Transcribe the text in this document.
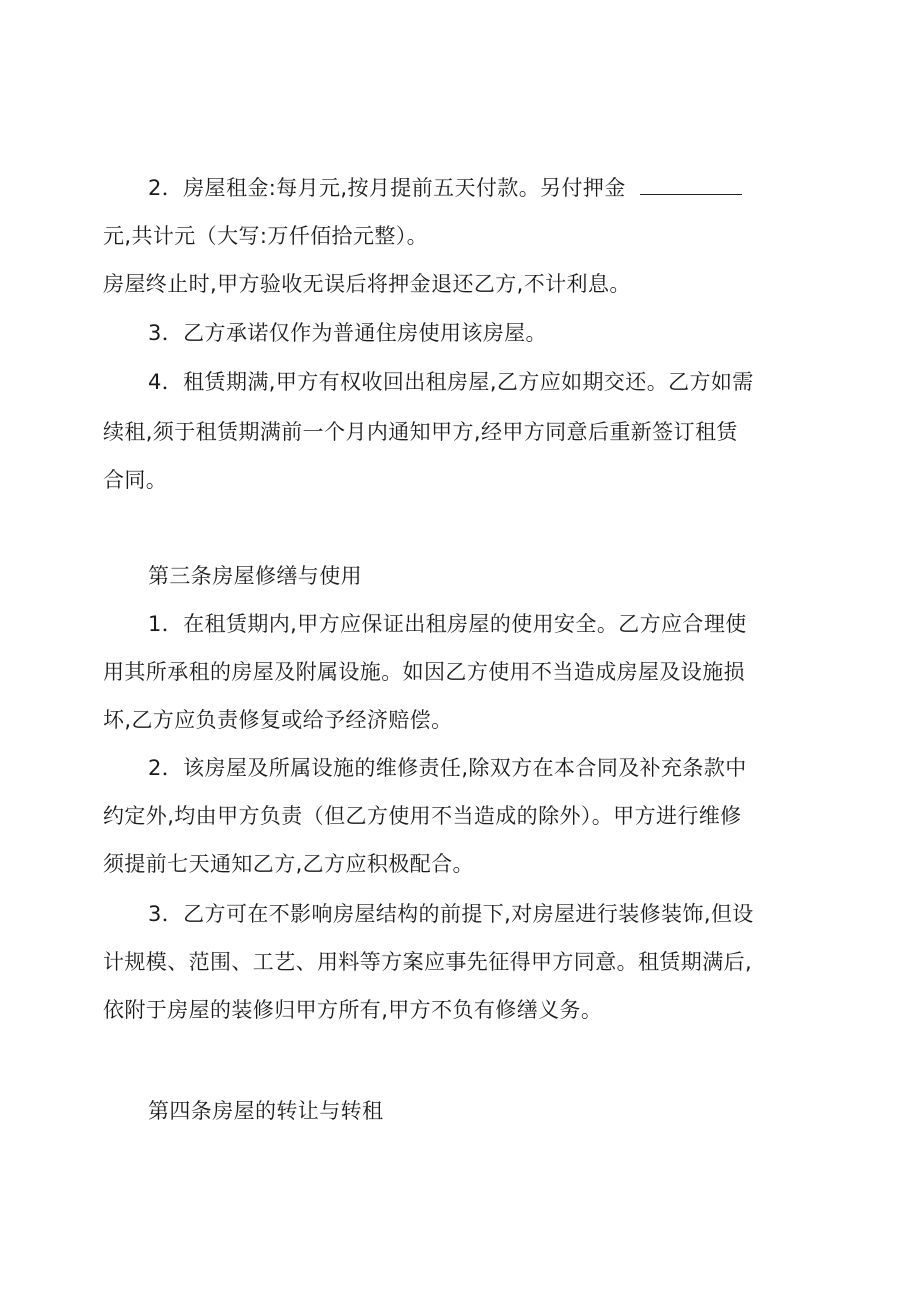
2．房屋租金:每月元,按月提前五天付款。另付押金
元,共计元（大写:万仟佰拾元整）。
房屋终止时,甲方验收无误后将押金退还乙方,不计利息。
3．乙方承诺仅作为普通住房使用该房屋。
4．租赁期满,甲方有权收回出租房屋,乙方应如期交还。乙方如需
续租,须于租赁期满前一个月内通知甲方,经甲方同意后重新签订租赁
合同。
第三条房屋修缮与使用
1．在租赁期内,甲方应保证出租房屋的使用安全。乙方应合理使
用其所承租的房屋及附属设施。如因乙方使用不当造成房屋及设施损
坏,乙方应负责修复或给予经济赔偿。
2．该房屋及所属设施的维修责任,除双方在本合同及补充条款中
约定外,均由甲方负责（但乙方使用不当造成的除外）。甲方进行维修
须提前七天通知乙方,乙方应积极配合。
3．乙方可在不影响房屋结构的前提下,对房屋进行装修装饰,但设
计规模、范围、工艺、用料等方案应事先征得甲方同意。租赁期满后,
依附于房屋的装修归甲方所有,甲方不负有修缮义务。
第四条房屋的转让与转租
